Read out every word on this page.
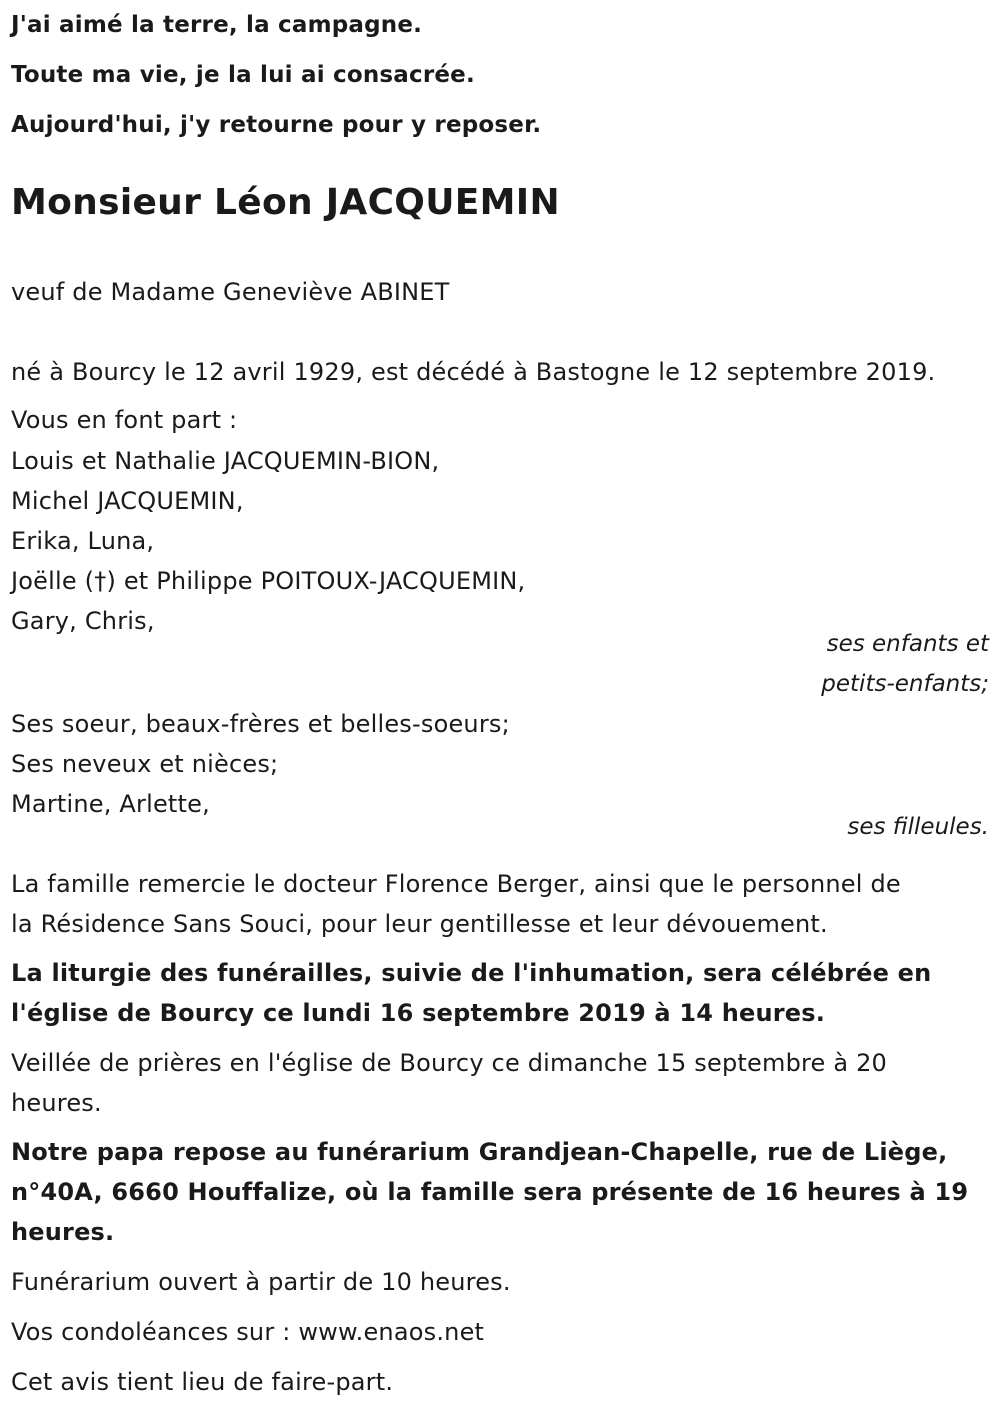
J'ai aimé la terre, la campagne.
Toute ma vie, je la lui ai consacrée.
Aujourd'hui, j'y retourne pour y reposer.
Monsieur Léon JACQUEMIN
veuf de Madame Geneviève ABINET
né à Bourcy le 12 avril 1929, est décédé à Bastogne le 12 septembre 2019.
Vous en font part :
Louis et Nathalie JACQUEMIN-BION,
Michel JACQUEMIN,
Erika, Luna,
Joëlle (†) et Philippe POITOUX-JACQUEMIN,
Gary, Chris,
ses enfants et
petits-enfants;
Ses soeur, beaux-frères et belles-soeurs;
Ses neveux et nièces;
Martine, Arlette,
ses filleules.
La famille remercie le docteur Florence Berger, ainsi que le personnel de
la Résidence Sans Souci, pour leur gentillesse et leur dévouement.
La liturgie des funérailles, suivie de l'inhumation, sera célébrée en
l'église de Bourcy ce lundi 16 septembre 2019 à 14 heures.
Veillée de prières en l'église de Bourcy ce dimanche 15 septembre à 20
heures.
Notre papa repose au funérarium Grandjean-Chapelle, rue de Liège,
n°40A, 6660 Houffalize, où la famille sera présente de 16 heures à 19
heures.
Funérarium ouvert à partir de 10 heures.
Vos condoléances sur : www.enaos.net
Cet avis tient lieu de faire-part.
